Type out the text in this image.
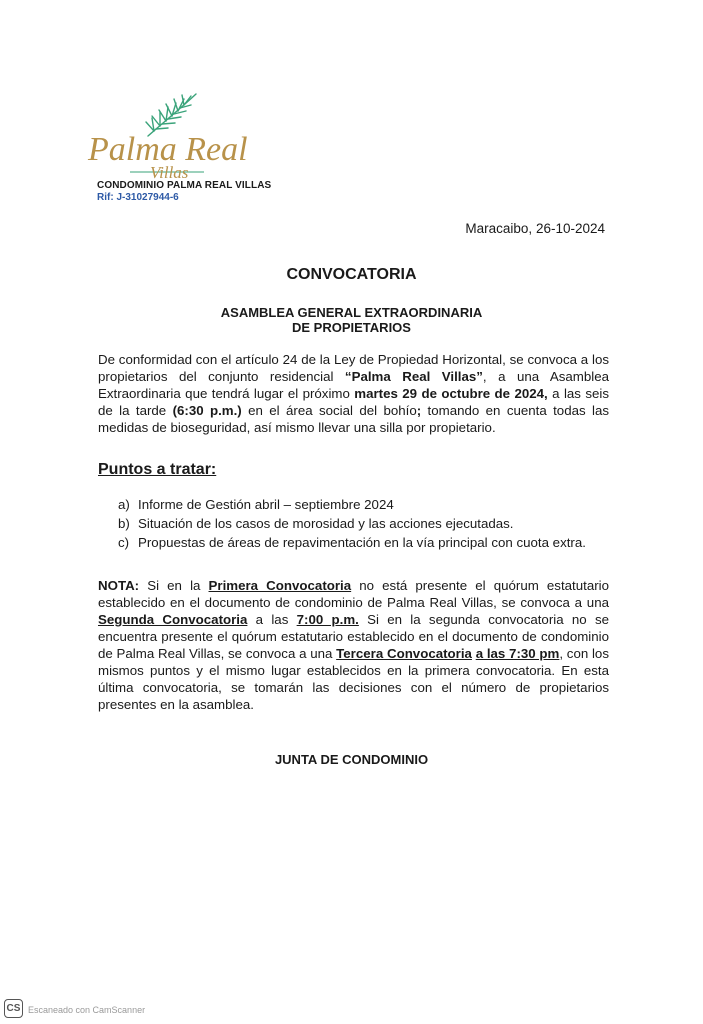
Palma Real
Villas
CONDOMINIO PALMA REAL VILLAS
Rif: J-31027944-6
Maracaibo, 26-10-2024
CONVOCATORIA
ASAMBLEA GENERAL EXTRAORDINARIA
DE PROPIETARIOS
De conformidad con el artículo 24 de la Ley de Propiedad Horizontal, se convoca a los propietarios del conjunto residencial “Palma Real Villas”, a una Asamblea Extraordinaria que tendrá lugar el próximo martes 29 de octubre de 2024, a las seis de la tarde (6:30 p.m.) en el área social del bohío; tomando en cuenta todas las medidas de bioseguridad, así mismo llevar una silla por propietario.
Puntos a tratar:
a) Informe de Gestión abril – septiembre 2024
b) Situación de los casos de morosidad y las acciones ejecutadas.
c) Propuestas de áreas de repavimentación en la vía principal con cuota extra.
NOTA: Si en la Primera Convocatoria no está presente el quórum estatutario establecido en el documento de condominio de Palma Real Villas, se convoca a una Segunda Convocatoria a las 7:00 p.m. Si en la segunda convocatoria no se encuentra presente el quórum estatutario establecido en el documento de condominio de Palma Real Villas, se convoca a una Tercera Convocatoria a las 7:30 pm, con los mismos puntos y el mismo lugar establecidos en la primera convocatoria. En esta última convocatoria, se tomarán las decisiones con el número de propietarios presentes en la asamblea.
JUNTA DE CONDOMINIO
CS Escaneado con CamScanner
